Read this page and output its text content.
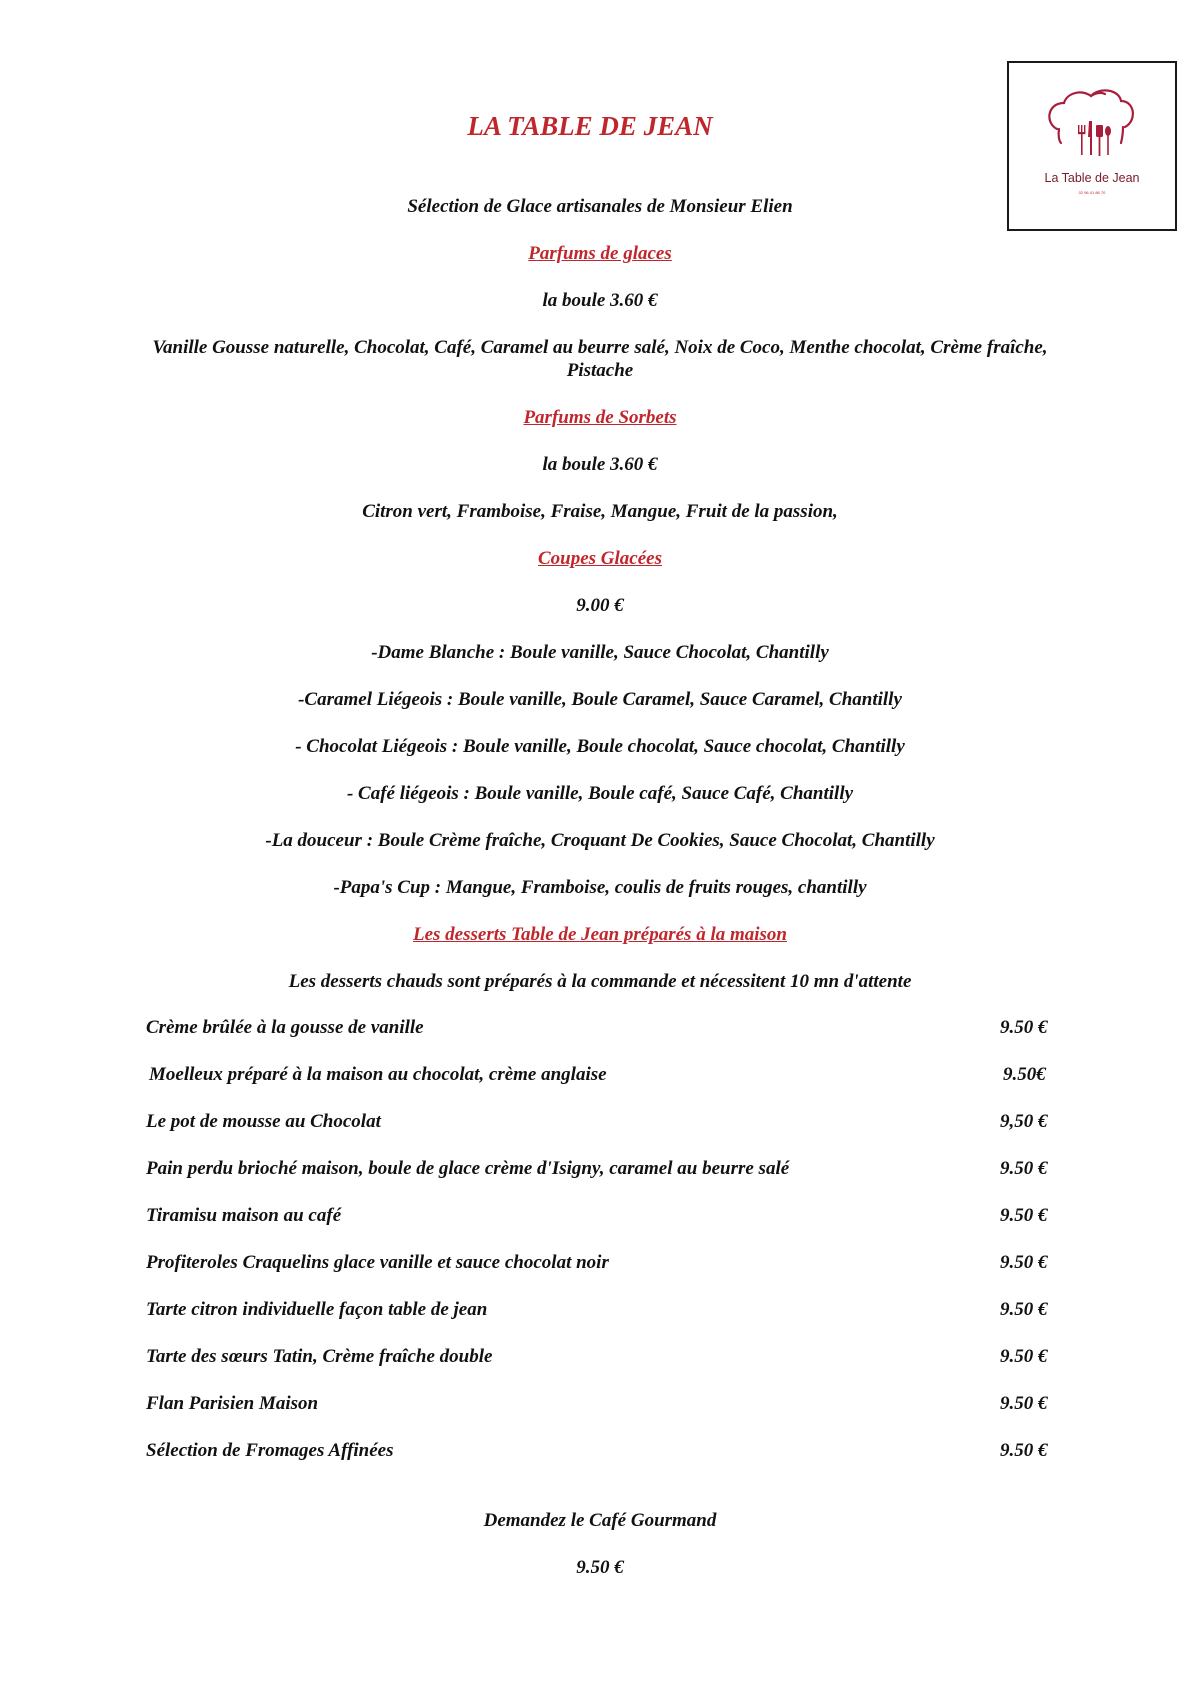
La Table de Jean
02 96 41 86 70
LA TABLE DE JEAN

Sélection de Glace artisanales de Monsieur Elien

Parfums de glaces

la boule 3.60 €

Vanille Gousse naturelle, Chocolat, Café, Caramel au beurre salé, Noix de Coco, Menthe chocolat, Crème fraîche,

Pistache

Parfums de Sorbets

la boule 3.60 €

Citron vert, Framboise, Fraise, Mangue, Fruit de la passion,

Coupes Glacées

9.00 €

-Dame Blanche : Boule vanille, Sauce Chocolat, Chantilly

-Caramel Liégeois : Boule vanille, Boule Caramel, Sauce Caramel, Chantilly

- Chocolat Liégeois : Boule vanille, Boule chocolat, Sauce chocolat, Chantilly

- Café liégeois : Boule vanille, Boule café, Sauce Café, Chantilly

-La douceur : Boule Crème fraîche, Croquant De Cookies, Sauce Chocolat, Chantilly

-Papa's Cup : Mangue, Framboise, coulis de fruits rouges, chantilly

Les desserts Table de Jean préparés à la maison

Les desserts chauds sont préparés à la commande et nécessitent 10 mn d'attente

Crème brûlée à la gousse de vanille	9.50 €
Moelleux préparé à la maison au chocolat, crème anglaise	9.50€
Le pot de mousse au Chocolat	9,50 €
Pain perdu brioché maison, boule de glace crème d'Isigny, caramel au beurre salé	9.50 €
Tiramisu maison au café	9.50 €
Profiteroles Craquelins glace vanille et sauce chocolat noir	9.50 €
Tarte citron individuelle façon table de jean	9.50 €
Tarte des sœurs Tatin, Crème fraîche double	9.50 €
Flan Parisien Maison	9.50 €
Sélection de Fromages Affinées	9.50 €

Demandez le Café Gourmand

9.50 €
